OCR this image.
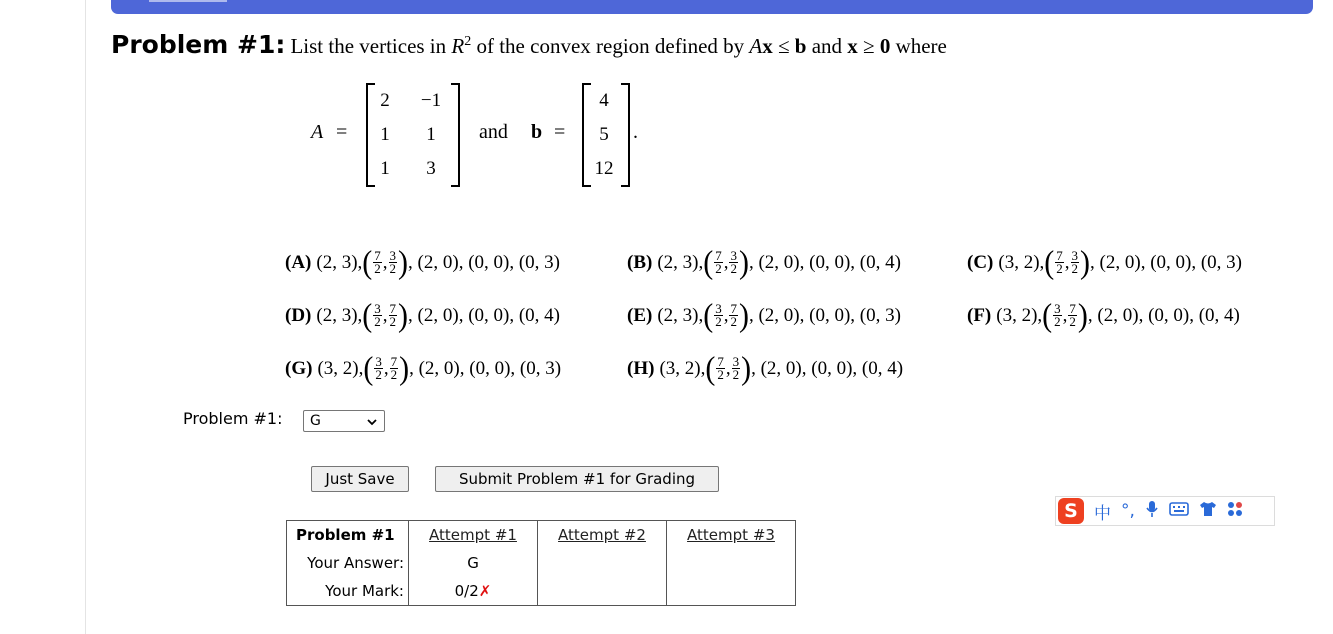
Problem #1: List the vertices in $R^2$ of the convex region defined by Ax ≤ b and x ≥ 0 where
A =
2	−1
1	1
1	3
and b =
4
5
12
.
(A) (2, 3), ( $\frac{7}{2}$ , $\frac{3}{2}$ ) , (2, 0), (0, 0), (0, 3)	(B) (2, 3), ( $\frac{7}{2}$ , $\frac{3}{2}$ ) , (2, 0), (0, 0), (0, 4)	(C) (3, 2), ( $\frac{7}{2}$ , $\frac{3}{2}$ ) , (2, 0), (0, 0), (0, 3)
(D) (2, 3), ( $\frac{3}{2}$ , $\frac{7}{2}$ ) , (2, 0), (0, 0), (0, 4)	(E) (2, 3), ( $\frac{3}{2}$ , $\frac{7}{2}$ ) , (2, 0), (0, 0), (0, 3)	(F) (3, 2), ( $\frac{3}{2}$ , $\frac{7}{2}$ ) , (2, 0), (0, 0), (0, 4)
(G) (3, 2), ( $\frac{3}{2}$ , $\frac{7}{2}$ ) , (2, 0), (0, 0), (0, 3)	(H) (3, 2), ( $\frac{7}{2}$ , $\frac{3}{2}$ ) , (2, 0), (0, 0), (0, 4)
Problem #1:	G
Just Save	Submit Problem #1 for Grading
Problem #1	Attempt #1	Attempt #2	Attempt #3
Your Answer:	G		
Your Mark:	0/2✗		
S 中 °,
